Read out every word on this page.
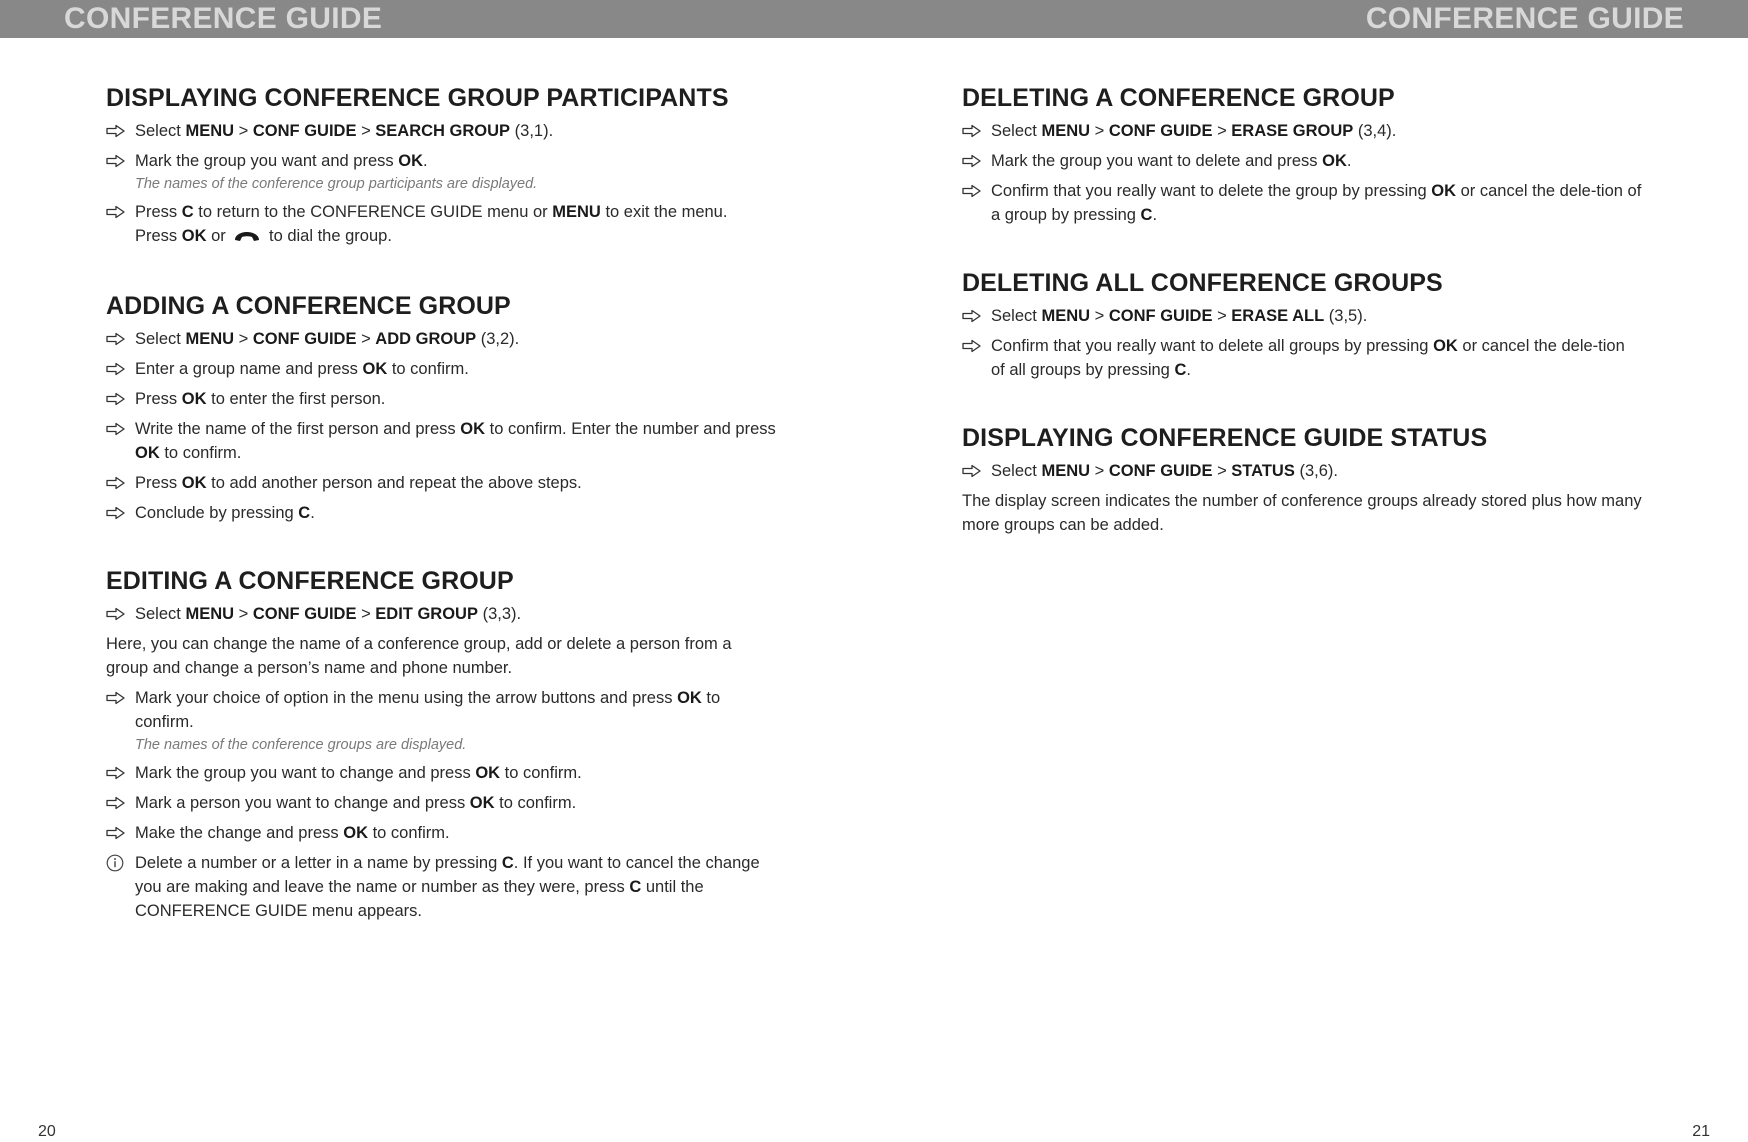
CONFERENCE GUIDE	CONFERENCE GUIDE
DISPLAYING CONFERENCE GROUP PARTICIPANTS
Select MENU > CONF GUIDE > SEARCH GROUP (3,1).
Mark the group you want and press OK.
The names of the conference group participants are displayed.
Press C to return to the CONFERENCE GUIDE menu or MENU to exit the menu.
Press OK or	to dial the group.
ADDING A CONFERENCE GROUP
Select MENU > CONF GUIDE > ADD GROUP (3,2).
Enter a group name and press OK to confirm.
Press OK to enter the first person.
Write the name of the first person and press OK to confirm. Enter the number and press OK to confirm.
Press OK to add another person and repeat the above steps.
Conclude by pressing C.
EDITING A CONFERENCE GROUP
Select MENU > CONF GUIDE > EDIT GROUP (3,3).
Here, you can change the name of a conference group, add or delete a person from a group and change a person’s name and phone number.
Mark your choice of option in the menu using the arrow buttons and press OK to confirm.
The names of the conference groups are displayed.
Mark the group you want to change and press OK to confirm.
Mark a person you want to change and press OK to confirm.
Make the change and press OK to confirm.
Delete a number or a letter in a name by pressing C. If you want to cancel the change you are making and leave the name or number as they were, press C until the CONFERENCE GUIDE menu appears.
DELETING A CONFERENCE GROUP
Select MENU > CONF GUIDE > ERASE GROUP (3,4).
Mark the group you want to delete and press OK.
Confirm that you really want to delete the group by pressing OK or cancel the dele-tion of a group by pressing C.
DELETING ALL CONFERENCE GROUPS
Select MENU > CONF GUIDE > ERASE ALL (3,5).
Confirm that you really want to delete all groups by pressing OK or cancel the dele-tion of all groups by pressing C.
DISPLAYING CONFERENCE GUIDE STATUS
Select MENU > CONF GUIDE > STATUS (3,6).
The display screen indicates the number of conference groups already stored plus how many more groups can be added.
20	21
